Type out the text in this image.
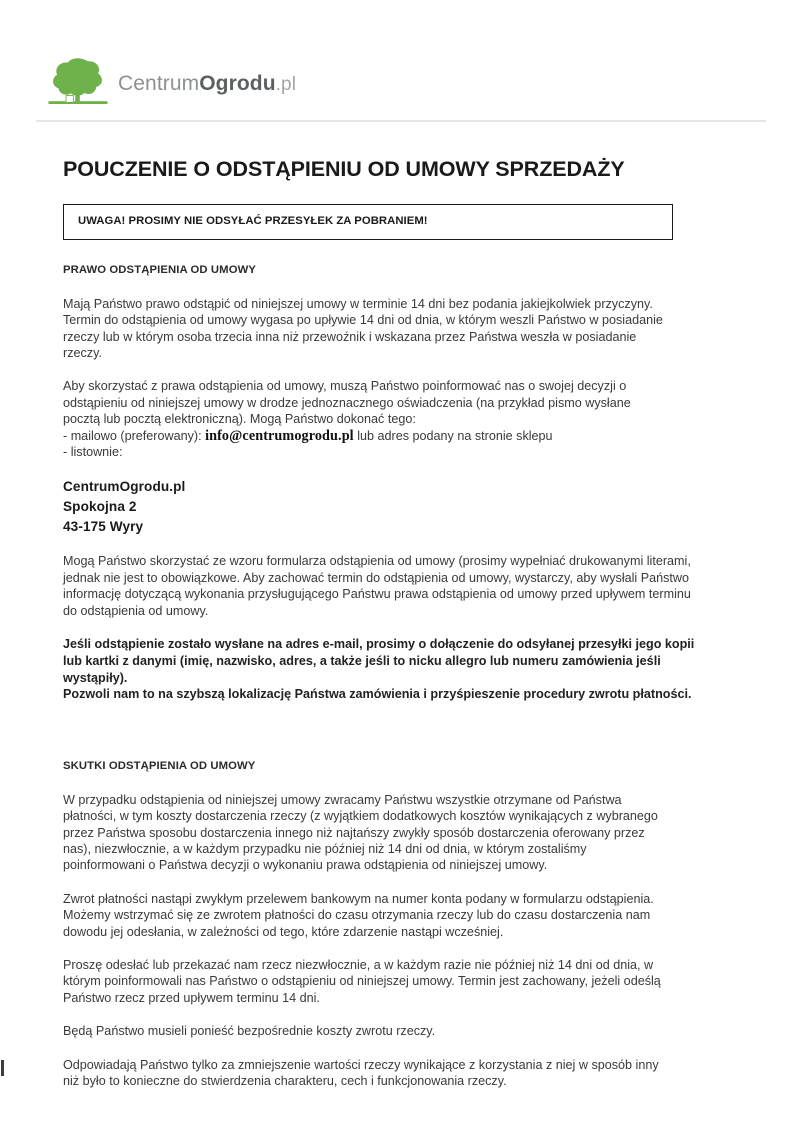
CentrumOgrodu.pl
POUCZENIE O ODSTĄPIENIU OD UMOWY SPRZEDAŻY
UWAGA! PROSIMY NIE ODSYŁAĆ PRZESYŁEK ZA POBRANIEM!
PRAWO ODSTĄPIENIA OD UMOWY

Mają Państwo prawo odstąpić od niniejszej umowy w terminie 14 dni bez podania jakiejkolwiek przyczyny.
Termin do odstąpienia od umowy wygasa po upływie 14 dni od dnia, w którym weszli Państwo w posiadanie
rzeczy lub w którym osoba trzecia inna niż przewoźnik i wskazana przez Państwa weszła w posiadanie
rzeczy.

Aby skorzystać z prawa odstąpienia od umowy, muszą Państwo poinformować nas o swojej decyzji o
odstąpieniu od niniejszej umowy w drodze jednoznacznego oświadczenia (na przykład pismo wysłane
pocztą lub pocztą elektroniczną). Mogą Państwo dokonać tego:
- mailowo (preferowany): info@centrumogrodu.pl lub adres podany na stronie sklepu
- listownie:

CentrumOgrodu.pl
Spokojna 2
43-175 Wyry

Mogą Państwo skorzystać ze wzoru formularza odstąpienia od umowy (prosimy wypełniać drukowanymi literami,
jednak nie jest to obowiązkowe. Aby zachować termin do odstąpienia od umowy, wystarczy, aby wysłali Państwo
informację dotyczącą wykonania przysługującego Państwu prawa odstąpienia od umowy przed upływem terminu
do odstąpienia od umowy.

Jeśli odstąpienie zostało wysłane na adres e-mail, prosimy o dołączenie do odsyłanej przesyłki jego kopii
lub kartki z danymi (imię, nazwisko, adres, a także jeśli to nicku allegro lub numeru zamówienia jeśli wystąpiły).
Pozwoli nam to na szybszą lokalizację Państwa zamówienia i przyśpieszenie procedury zwrotu płatności.

SKUTKI ODSTĄPIENIA OD UMOWY

W przypadku odstąpienia od niniejszej umowy zwracamy Państwu wszystkie otrzymane od Państwa
płatności, w tym koszty dostarczenia rzeczy (z wyjątkiem dodatkowych kosztów wynikających z wybranego
przez Państwa sposobu dostarczenia innego niż najtańszy zwykły sposób dostarczenia oferowany przez
nas), niezwłocznie, a w każdym przypadku nie później niż 14 dni od dnia, w którym zostaliśmy
poinformowani o Państwa decyzji o wykonaniu prawa odstąpienia od niniejszej umowy.

Zwrot płatności nastąpi zwykłym przelewem bankowym na numer konta podany w formularzu odstąpienia.
Możemy wstrzymać się ze zwrotem płatności do czasu otrzymania rzeczy lub do czasu dostarczenia nam
dowodu jej odesłania, w zależności od tego, które zdarzenie nastąpi wcześniej.

Proszę odesłać lub przekazać nam rzecz niezwłocznie, a w każdym razie nie później niż 14 dni od dnia, w
którym poinformowali nas Państwo o odstąpieniu od niniejszej umowy. Termin jest zachowany, jeżeli odeślą
Państwo rzecz przed upływem terminu 14 dni.

Będą Państwo musieli ponieść bezpośrednie koszty zwrotu rzeczy.

Odpowiadają Państwo tylko za zmniejszenie wartości rzeczy wynikające z korzystania z niej w sposób inny
niż było to konieczne do stwierdzenia charakteru, cech i funkcjonowania rzeczy.
